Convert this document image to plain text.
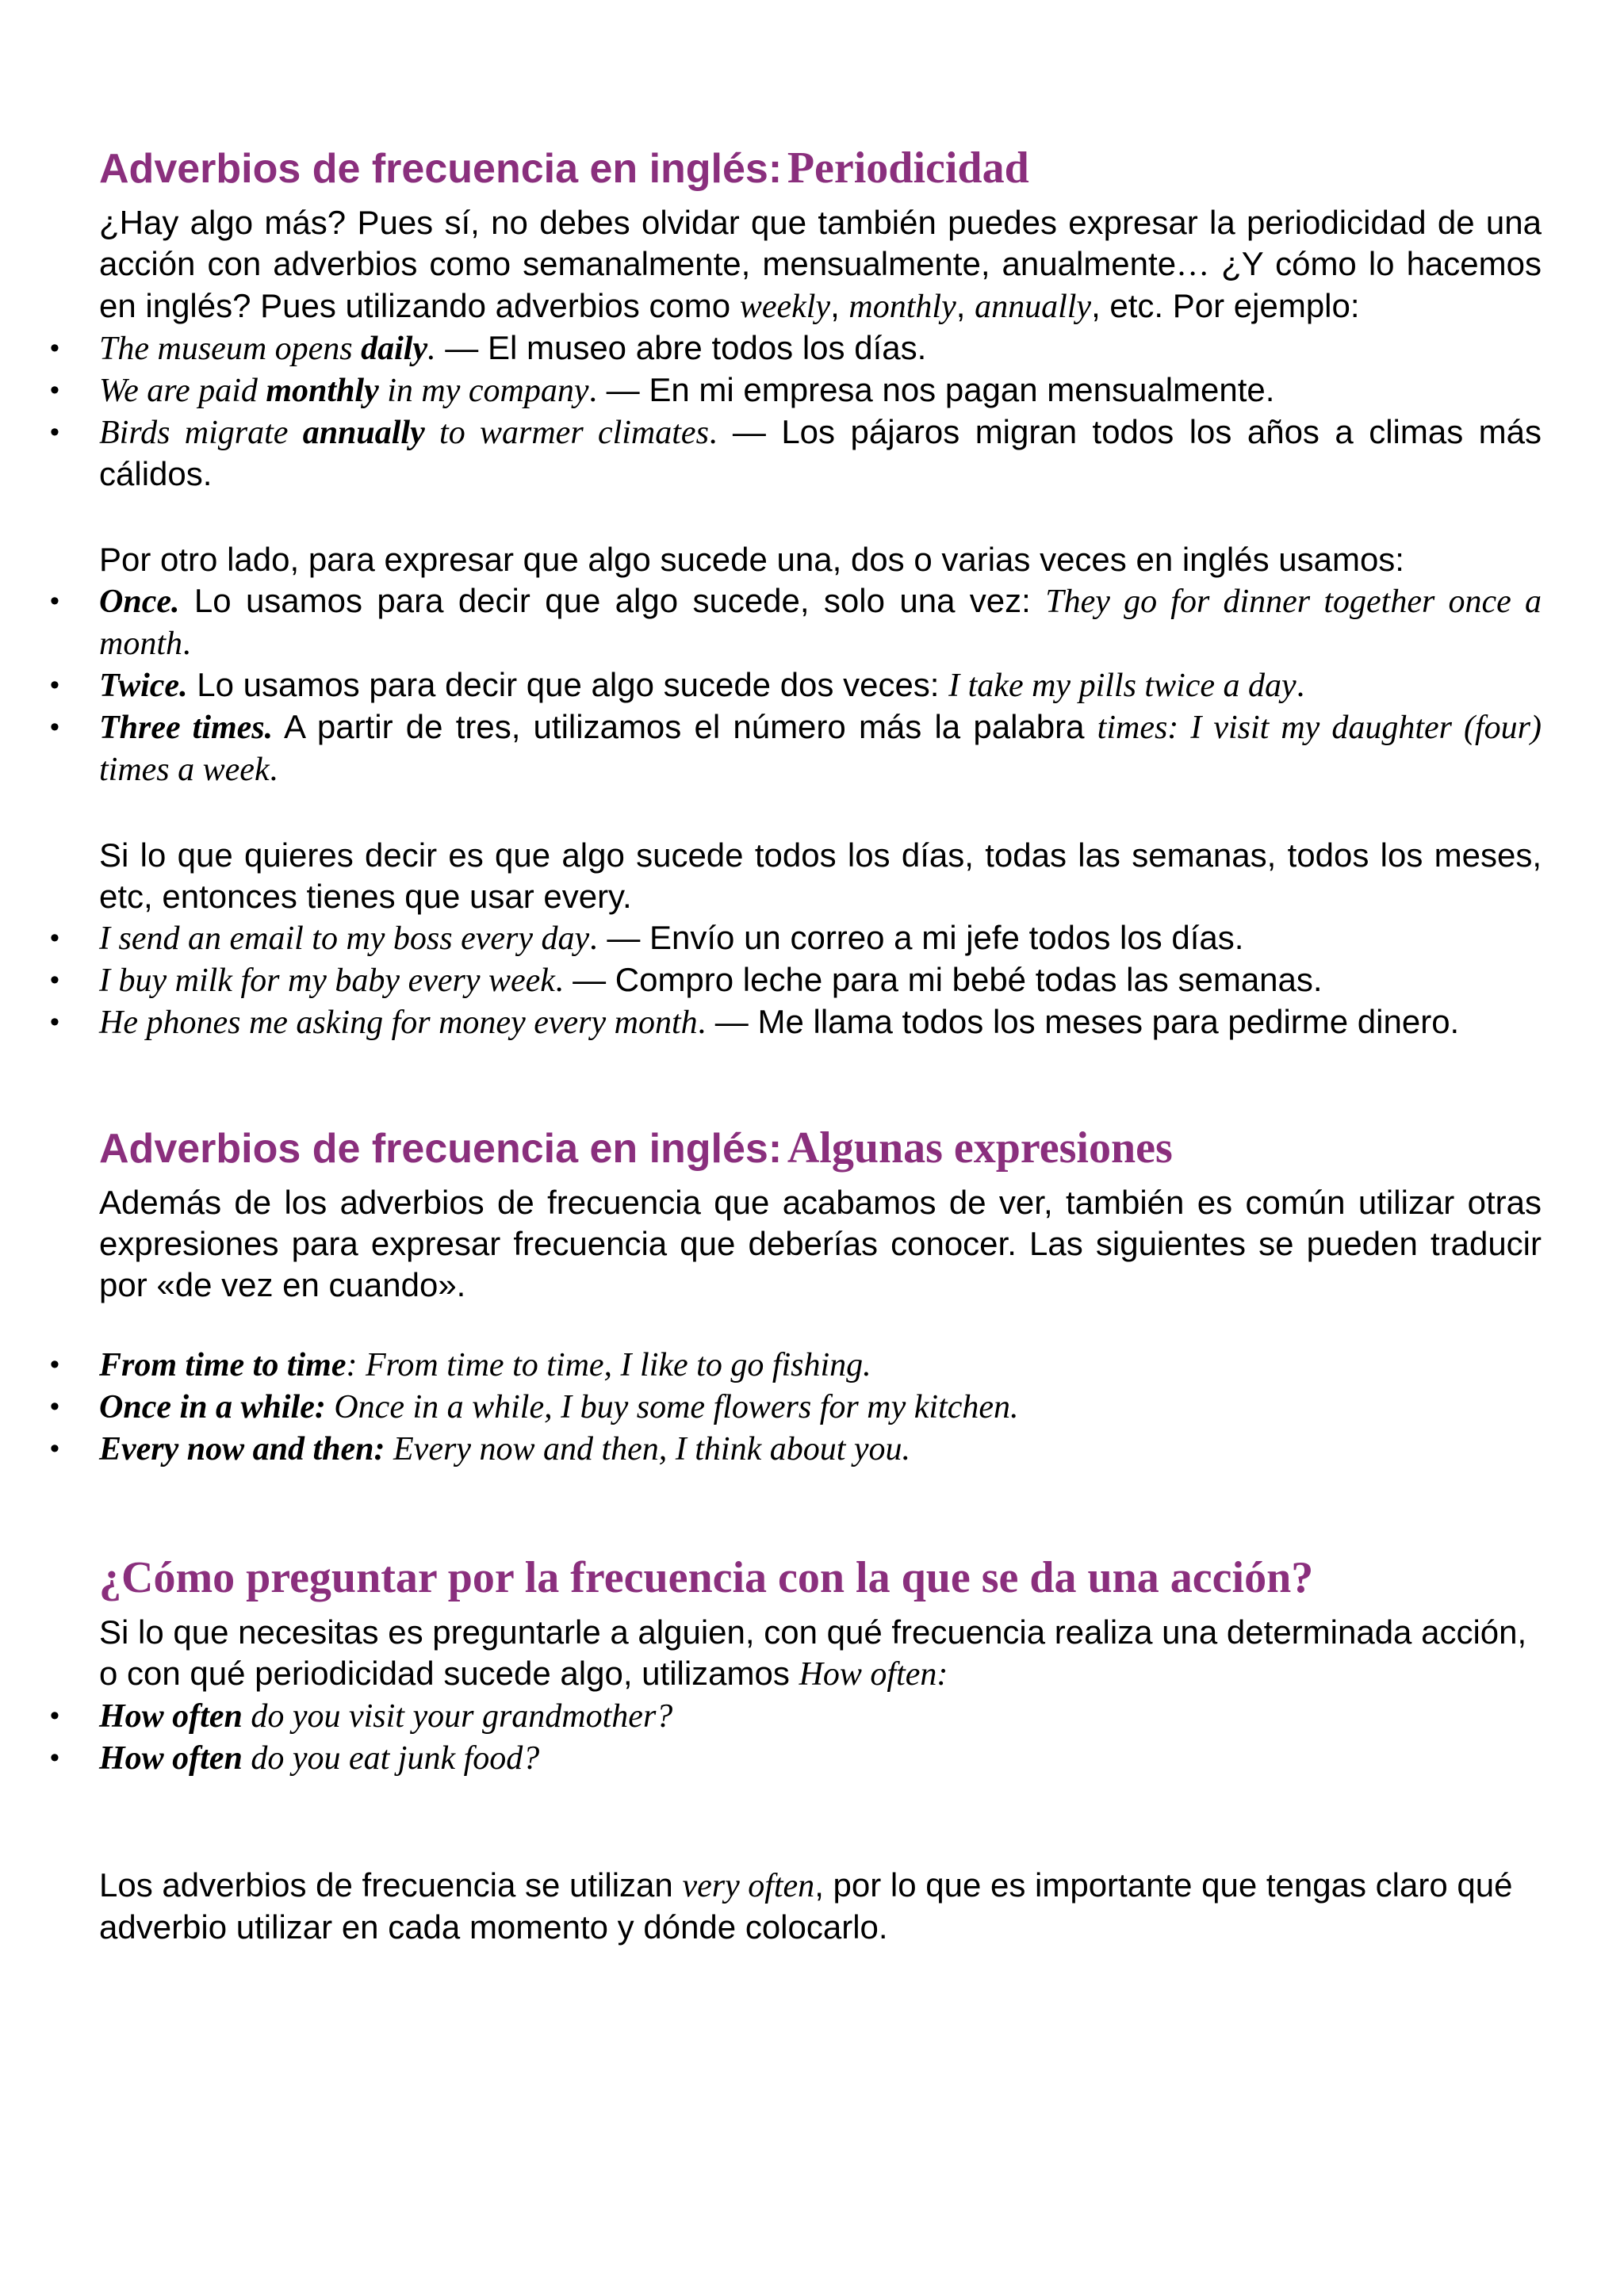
Adverbios de frecuencia en inglés: Periodicidad

¿Hay algo más? Pues sí, no debes olvidar que también puedes expresar la periodicidad de una acción con adverbios como semanalmente, mensualmente, anualmente… ¿Y cómo lo hacemos en inglés? Pues utilizando adverbios como weekly, monthly, annually, etc. Por ejemplo:

• The museum opens daily. — El museo abre todos los días.
• We are paid monthly in my company. — En mi empresa nos pagan mensualmente.
• Birds migrate annually to warmer climates. — Los pájaros migran todos los años a climas más cálidos.

Por otro lado, para expresar que algo sucede una, dos o varias veces en inglés usamos:

• Once. Lo usamos para decir que algo sucede, solo una vez: They go for dinner together once a month.
• Twice. Lo usamos para decir que algo sucede dos veces: I take my pills twice a day.
• Three times. A partir de tres, utilizamos el número más la palabra times: I visit my daughter (four) times a week.

Si lo que quieres decir es que algo sucede todos los días, todas las semanas, todos los meses, etc, entonces tienes que usar every.

• I send an email to my boss every day. — Envío un correo a mi jefe todos los días.
• I buy milk for my baby every week. — Compro leche para mi bebé todas las semanas.
• He phones me asking for money every month. — Me llama todos los meses para pedirme dinero.
Adverbios de frecuencia en inglés: Algunas expresiones

Además de los adverbios de frecuencia que acabamos de ver, también es común utilizar otras expresiones para expresar frecuencia que deberías conocer. Las siguientes se pueden traducir por «de vez en cuando».

• From time to time: From time to time, I like to go fishing.
• Once in a while: Once in a while, I buy some flowers for my kitchen.
• Every now and then: Every now and then, I think about you.
¿Cómo preguntar por la frecuencia con la que se da una acción?

Si lo que necesitas es preguntarle a alguien, con qué frecuencia realiza una determinada acción, o con qué periodicidad sucede algo, utilizamos How often:

• How often do you visit your grandmother?
• How often do you eat junk food?

Los adverbios de frecuencia se utilizan very often, por lo que es importante que tengas claro qué adverbio utilizar en cada momento y dónde colocarlo.
